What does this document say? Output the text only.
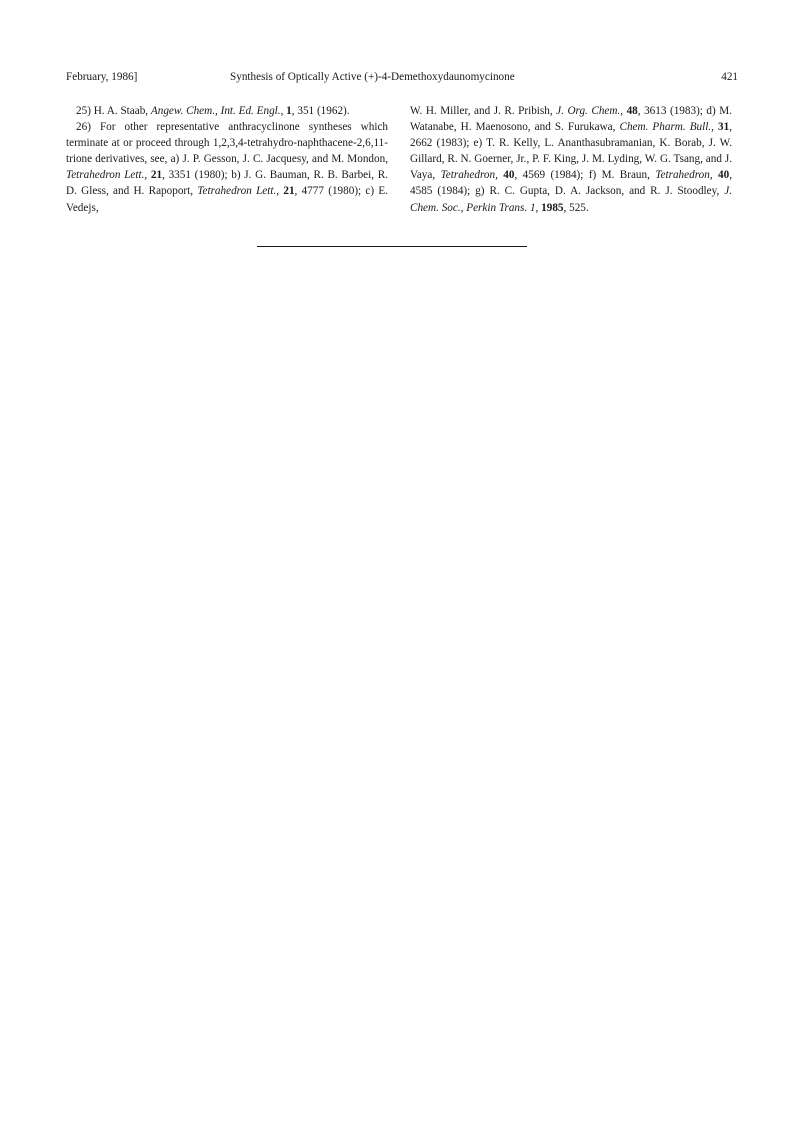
February, 1986]	Synthesis of Optically Active (+)-4-Demethoxydaunomycinone	421

25) H. A. Staab, Angew. Chem., Int. Ed. Engl., 1, 351 (1962).

26) For other representative anthracyclinone syntheses which terminate at or proceed through 1,2,3,4-tetrahydro-naphthacene-2,6,11-trione derivatives, see, a) J. P. Gesson, J. C. Jacquesy, and M. Mondon, Tetrahedron Lett., 21, 3351 (1980); b) J. G. Bauman, R. B. Barbei, R. D. Gless, and H. Rapoport, Tetrahedron Lett., 21, 4777 (1980); c) E. Vedejs,

W. H. Miller, and J. R. Pribish, J. Org. Chem., 48, 3613 (1983); d) M. Watanabe, H. Maenosono, and S. Furukawa, Chem. Pharm. Bull., 31, 2662 (1983); e) T. R. Kelly, L. Ananthasubramanian, K. Borab, J. W. Gillard, R. N. Goerner, Jr., P. F. King, J. M. Lyding, W. G. Tsang, and J. Vaya, Tetrahedron, 40, 4569 (1984); f) M. Braun, Tetrahedron, 40, 4585 (1984); g) R. C. Gupta, D. A. Jackson, and R. J. Stoodley, J. Chem. Soc., Perkin Trans. 1, 1985, 525.
